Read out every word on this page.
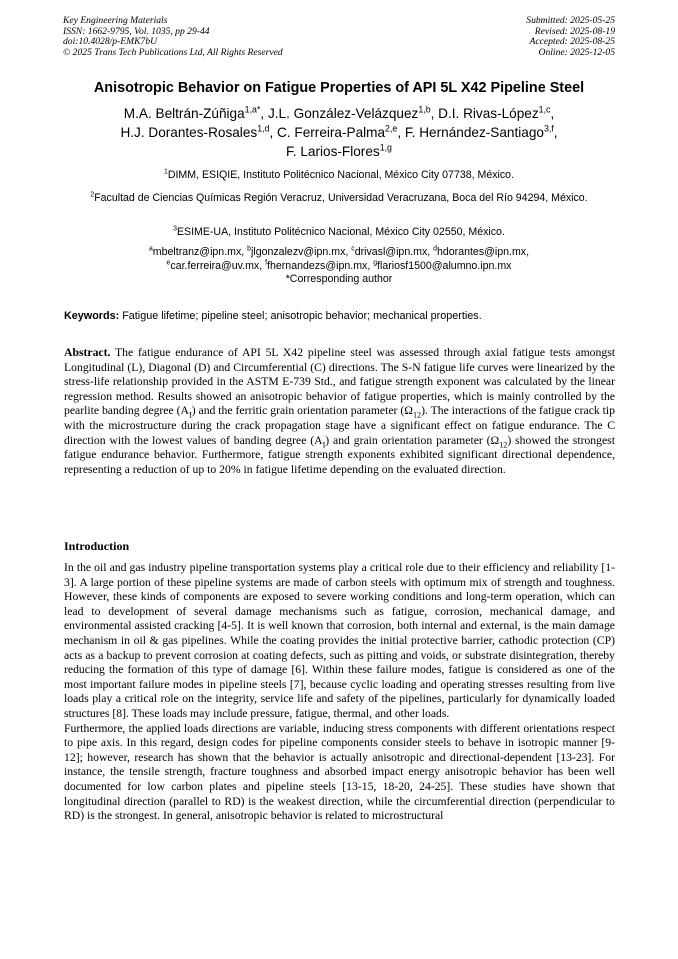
Key Engineering Materials
ISSN: 1662-9795, Vol. 1035, pp 29-44
doi:10.4028/p-EMK7bU
© 2025 Trans Tech Publications Ltd, All Rights Reserved
Submitted: 2025-05-25
Revised: 2025-08-19
Accepted: 2025-08-25
Online: 2025-12-05
Anisotropic Behavior on Fatigue Properties of API 5L X42 Pipeline Steel
M.A. Beltrán-Zúñiga$^{1,a*}$, J.L. González-Velázquez$^{1,b}$, D.I. Rivas-López$^{1,c}$,
H.J. Dorantes-Rosales$^{1,d}$, C. Ferreira-Palma$^{2,e}$, F. Hernández-Santiago$^{3,f}$,
F. Larios-Flores$^{1,g}$
$^1$DIMM, ESIQIE, Instituto Politécnico Nacional, México City 07738, México.
$^2$Facultad de Ciencias Químicas Región Veracruz, Universidad Veracruzana, Boca del Río 94294, México.
$^3$ESIME-UA, Instituto Politécnico Nacional, México City 02550, México.
$^a$mbeltranz@ipn.mx, $^b$jlgonzalezv@ipn.mx, $^c$drivasl@ipn.mx, $^d$hdorantes@ipn.mx,
$^e$car.ferreira@uv.mx, $^f$fhernandezs@ipn.mx, $^g$flariosf1500@alumno.ipn.mx
*Corresponding author
Keywords: Fatigue lifetime; pipeline steel; anisotropic behavior; mechanical properties.

Abstract. The fatigue endurance of API 5L X42 pipeline steel was assessed through axial fatigue tests amongst Longitudinal (L), Diagonal (D) and Circumferential (C) directions. The S-N fatigue life curves were linearized by the stress-life relationship provided in the ASTM E-739 Std., and fatigue strength exponent was calculated by the linear regression method. Results showed an anisotropic behavior of fatigue properties, which is mainly controlled by the pearlite banding degree $(A_I)$ and the ferritic grain orientation parameter $(\Omega_{12})$. The interactions of the fatigue crack tip with the microstructure during the crack propagation stage have a significant effect on fatigue endurance. The C direction with the lowest values of banding degree $(A_I)$ and grain orientation parameter $(\Omega_{12})$ showed the strongest fatigue endurance behavior. Furthermore, fatigue strength exponents exhibited significant directional dependence, representing a reduction of up to 20% in fatigue lifetime depending on the evaluated direction.

Introduction

In the oil and gas industry pipeline transportation systems play a critical role due to their efficiency and reliability [1-3]. A large portion of these pipeline systems are made of carbon steels with optimum mix of strength and toughness. However, these kinds of components are exposed to severe working conditions and long-term operation, which can lead to development of several damage mechanisms such as fatigue, corrosion, mechanical damage, and environmental assisted cracking [4-5]. It is well known that corrosion, both internal and external, is the main damage mechanism in oil & gas pipelines. While the coating provides the initial protective barrier, cathodic protection (CP) acts as a backup to prevent corrosion at coating defects, such as pitting and voids, or substrate disintegration, thereby reducing the formation of this type of damage [6]. Within these failure modes, fatigue is considered as one of the most important failure modes in pipeline steels [7], because cyclic loading and operating stresses resulting from live loads play a critical role on the integrity, service life and safety of the pipelines, particularly for dynamically loaded structures [8]. These loads may include pressure, fatigue, thermal, and other loads.

Furthermore, the applied loads directions are variable, inducing stress components with different orientations respect to pipe axis. In this regard, design codes for pipeline components consider steels to behave in isotropic manner [9-12]; however, research has shown that the behavior is actually anisotropic and directional-dependent [13-23]. For instance, the tensile strength, fracture toughness and absorbed impact energy anisotropic behavior has been well documented for low carbon plates and pipeline steels [13-15, 18-20, 24-25]. These studies have shown that longitudinal direction (parallel to RD) is the weakest direction, while the circumferential direction (perpendicular to RD) is the strongest. In general, anisotropic behavior is related to microstructural
